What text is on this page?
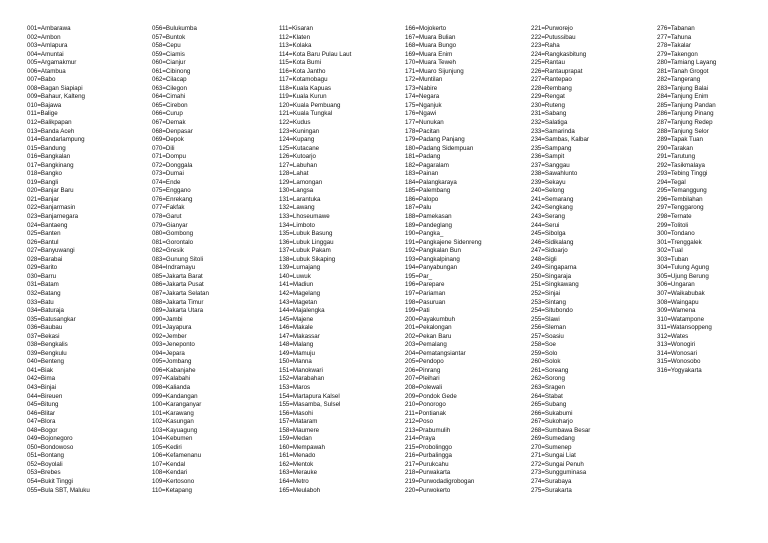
001=Ambarawa
002=Ambon
003=Amlapura
004=Amuntai
005=Argamakmur
006=Atambua
007=Babo
008=Bagan Siapiapi
009=Bahaur, Kalteng
010=Bajawa
011=Balige
012=Balikpapan
013=Banda Aceh
014=Bandarlampung
015=Bandung
016=Bangkalan
017=Bangkinang
018=Bangko
019=Bangli
020=Banjar Baru
021=Banjar
022=Banjarmasin
023=Banjarnegara
024=Bantaeng
025=Banten
026=Bantul
027=Banyuwangi
028=Barabai
029=Barito
030=Barru
031=Batam
032=Batang
033=Batu
034=Baturaja
035=Batusangkar
036=Baubau
037=Bekasi
038=Bengkalis
039=Bengkulu
040=Benteng
041=Biak
042=Bima
043=Binjai
044=Bireuen
045=Bitung
046=Blitar
047=Blora
048=Bogor
049=Bojonegoro
050=Bondowoso
051=Bontang
052=Boyolali
053=Brebes
054=Bukit Tinggi
055=Bula SBT, Maluku
056=Bulukumba
057=Buntok
058=Cepu
059=Ciamis
060=Cianjur
061=Cibinong
062=Cilacap
063=Cilegon
064=Cimahi
065=Cirebon
066=Curup
067=Demak
068=Denpasar
069=Depok
070=Dili
071=Dompu
072=Donggala
073=Dumai
074=Ende
075=Enggano
076=Enrekang
077=Fakfak
078=Garut
079=Gianyar
080=Gombong
081=Gorontalo
082=Gresik
083=Gunung Sitoli
084=Indramayu
085=Jakarta Barat
086=Jakarta Pusat
087=Jakarta Selatan
088=Jakarta Timur
089=Jakarta Utara
090=Jambi
091=Jayapura
092=Jember
093=Jeneponto
094=Jepara
095=Jombang
096=Kabanjahe
097=Kalabahi
098=Kalianda
099=Kandangan
100=Karanganyar
101=Karawang
102=Kasungan
103=Kayuagung
104=Kebumen
105=Kediri
106=Kefamenanu
107=Kendal
108=Kendari
109=Kertosono
110=Ketapang
111=Kisaran
112=Klaten
113=Kolaka
114=Kota Baru Pulau Laut
115=Kota Bumi
116=Kota Jantho
117=Kotamobagu
118=Kuala Kapuas
119=Kuala Kurun
120=Kuala Pembuang
121=Kuala Tungkal
122=Kudus
123=Kuningan
124=Kupang
125=Kutacane
126=Kutoarjo
127=Labuhan
128=Lahat
129=Lamongan
130=Langsa
131=Larantuka
132=Lawang
133=Lhoseumawe
134=Limboto
135=Lubuk Basung
136=Lubuk Linggau
137=Lubuk Pakam
138=Lubuk Sikaping
139=Lumajang
140=Luwuk
141=Madiun
142=Magelang
143=Magetan
144=Majalengka
145=Majene
146=Makale
147=Makassar
148=Malang
149=Mamuju
150=Manna
151=Manokwari
152=Marabahan
153=Maros
154=Martapura Kalsel
155=Masamba, Sulsel
156=Masohi
157=Mataram
158=Maumere
159=Medan
160=Mempawah
161=Menado
162=Mentok
163=Merauke
164=Metro
165=Meulaboh
166=Mojokerto
167=Muara Bulian
168=Muara Bungo
169=Muara Enim
170=Muara Teweh
171=Muaro Sijunjung
172=Muntilan
173=Nabire
174=Negara
175=Nganjuk
176=Ngawi
177=Nunukan
178=Pacitan
179=Padang Panjang
180=Padang Sidempuan
181=Padang
182=Pagaralam
183=Painan
184=Palangkaraya
185=Palembang
186=Palopo
187=Palu
188=Pamekasan
189=Pandeglang
190=Pangka_
191=Pangkajene Sidenreng
192=Pangkalan Bun
193=Pangkalpinang
194=Panyabungan
195=Par_
196=Parepare
197=Pariaman
198=Pasuruan
199=Pati
200=Payakumbuh
201=Pekalongan
202=Pekan Baru
203=Pemalang
204=Pematangsiantar
205=Pendopo
206=Pinrang
207=Pleihari
208=Polewali
209=Pondok Gede
210=Ponorogo
211=Pontianak
212=Poso
213=Prabumulih
214=Praya
215=Probolinggo
216=Purbalingga
217=Purukcahu
218=Purwakarta
219=Purwodadigrobogan
220=Purwokerto
221=Purworejo
222=Putussibau
223=Raha
224=Rangkasbitung
225=Rantau
226=Rantauprapat
227=Rantepao
228=Rembang
229=Rengat
230=Ruteng
231=Sabang
232=Salatiga
233=Samarinda
234=Sambas, Kalbar
235=Sampang
236=Sampit
237=Sanggau
238=Sawahlunto
239=Sekayu
240=Selong
241=Semarang
242=Sengkang
243=Serang
244=Serui
245=Sibolga
246=Sidikalang
247=Sidoarjo
248=Sigli
249=Singaparna
250=Singaraja
251=Singkawang
252=Sinjai
253=Sintang
254=Situbondo
255=Slawi
256=Sleman
257=Soasiu
258=Soe
259=Solo
260=Solok
261=Soreang
262=Sorong
263=Sragen
264=Stabat
265=Subang
266=Sukabumi
267=Sukoharjo
268=Sumbawa Besar
269=Sumedang
270=Sumenep
271=Sungai Liat
272=Sungai Penuh
273=Sungguminasa
274=Surabaya
275=Surakarta
276=Tabanan
277=Tahuna
278=Takalar
279=Takengon
280=Tamiang Layang
281=Tanah Grogot
282=Tangerang
283=Tanjung Balai
284=Tanjung Enim
285=Tanjung Pandan
286=Tanjung Pinang
287=Tanjung Redep
288=Tanjung Selor
289=Tapak Tuan
290=Tarakan
291=Tarutung
292=Tasikmalaya
293=Tebing Tinggi
294=Tegal
295=Temanggung
296=Tembilahan
297=Tenggarong
298=Ternate
299=Tolitoli
300=Tondano
301=Trenggalek
302=Tual
303=Tuban
304=Tulung Agung
305=Ujung Berung
306=Ungaran
307=Waikabubak
308=Waingapu
309=Wamena
310=Watampone
311=Watansoppeng
312=Wates
313=Wonogiri
314=Wonosari
315=Wonosobo
316=Yogyakarta
